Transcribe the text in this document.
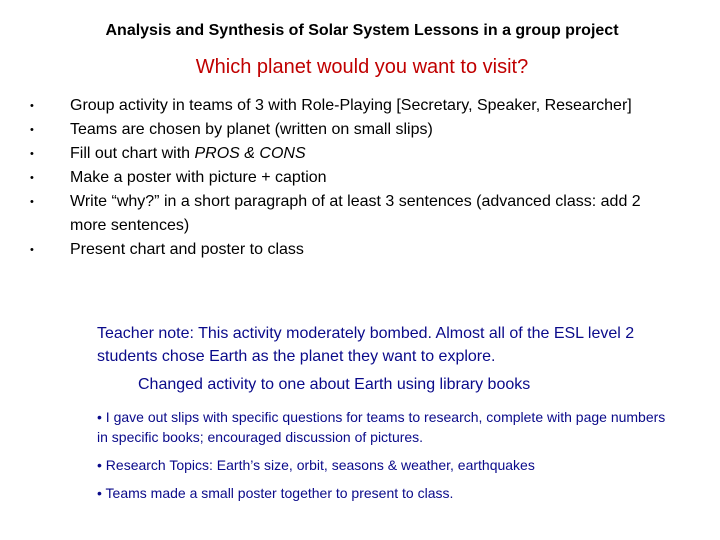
Analysis and Synthesis of Solar System Lessons in a group project
Which planet would you want to visit?
• Group activity in teams of 3 with Role-Playing [Secretary, Speaker, Researcher]
• Teams are chosen by planet (written on small slips)
• Fill out chart with PROS & CONS
• Make a poster with picture + caption
• Write “why?” in a short paragraph of at least 3 sentences (advanced class: add 2 more sentences)
• Present chart and poster to class
Teacher note: This activity moderately bombed. Almost all of the ESL level 2 students chose Earth as the planet they want to explore.
Changed activity to one about Earth using library books
• I gave out slips with specific questions for teams to research, complete with page numbers in specific books; encouraged discussion of pictures.
• Research Topics: Earth’s size, orbit, seasons & weather, earthquakes
• Teams made a small poster together to present to class.
